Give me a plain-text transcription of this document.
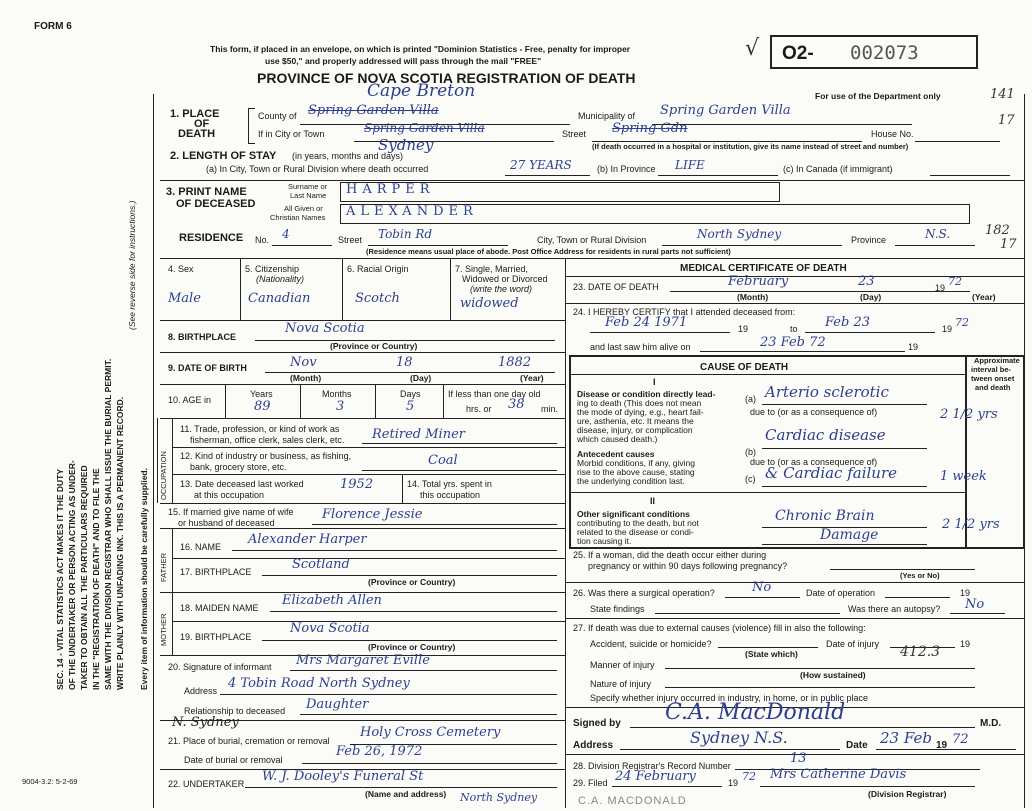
FORM 6
9004-3.2: 5-2-69
This form, if placed in an envelope, on which is printed "Dominion Statistics - Free, penalty for improper
use $50," and properly addressed will pass through the mail "FREE"
PROVINCE OF NOVA SCOTIA REGISTRATION OF DEATH
Cape Breton
√ O2- 002073
For use of the Department only
SEC. 14 - VITAL STATISTICS ACT MAKES IT THE DUTY OF THE UNDERTAKER OR PERSON ACTING AS UNDER- TAKER TO OBTAIN ALL THE PARTICULARS REQUIRED IN THE "REGISTRATION OF DEATH" AND TO FILE THE SAME WITH THE DIVISION REGISTRAR WHO SHALL ISSUE THE BURIAL PERMIT. WRITE PLAINLY WITH UNFADING INK. THIS IS A PERMANENT RECORD.
(See reverse side for instructions.)
Every item of information should be carefully supplied.
1. PLACE
OF
DEATH
County of Spring Garden Villa	Municipality of Spring Garden Villa
141
17
If in City or Town	Spring Garden Villa
Sydney
Street Spring Gdn	House No.
(If death occurred in a hospital or institution, give its name instead of street and number)
2. LENGTH OF STAY (in years, months and days)
(a) In City, Town or Rural Division where death occurred	27 YEARS	(b) In Province LIFE	(c) In Canada (if immigrant)
3. PRINT NAME
OF DECEASED
Surname or
Last Name HARPER
All Given or
Christian Names ALEXANDER
RESIDENCE No. 4	Street Tobin Rd	City, Town or Rural Division	North Sydney	Province	N.S.	182
17
(Residence means usual place of abode. Post Office Address for residents in rural parts not sufficient)
4. Sex
Male
5. Citizenship
(Nationality)
Canadian
6. Racial Origin
Scotch
7. Single, Married,
Widowed or Divorced
(write the word)
widowed
8. BIRTHPLACE
Nova Scotia
(Province or Country)
9. DATE OF BIRTH	Nov	18	1882
(Month)	(Day)	(Year)
10. AGE in
Years
89
Months
3
Days
5
If less than one day old
hrs. or 38 min.
OCCUPATION
11. Trade, profession, or kind of work as
fisherman, office clerk, sales clerk, etc. Retired Miner
12. Kind of industry or business, as fishing,
bank, grocery store, etc.	Coal
13. Date deceased last worked
at this occupation
1952	14. Total yrs. spent in
this occupation
15. If married give name of wife
or husband of deceased
Florence Jessie
FATHER
16. NAME Alexander Harper
17. BIRTHPLACE	Scotland
(Province or Country)
MOTHER
18. MAIDEN NAME Elizabeth Allen
19. BIRTHPLACE
Nova Scotia
(Province or Country)
20. Signature of informant Mrs Margaret Eville
Address 4 Tobin Road North Sydney
Relationship to deceased Daughter
N. Sydney
21. Place of burial, cremation or removal
Holy Cross Cemetery
Date of burial or removal
Feb 26, 1972
22. UNDERTAKER W. J. Dooley's Funeral St
(Name and address) North Sydney
MEDICAL CERTIFICATE OF DEATH
23. DATE OF DEATH	February	23	19 72
(Month)	(Day)	(Year)
24. I HEREBY CERTIFY that I attended deceased from:
Feb 24 1971	19	to Feb 23	19 72
and last saw him alive on	23 Feb 72	19
CAUSE OF DEATH
Approximate
interval be-
tween onset
and death
I
Disease or condition directly lead-
ing to death (This does not mean
the mode of dying, e.g., heart fail-
ure, asthenia, etc. It means the
disease, injury, or complication
which caused death.)
(a) Arterio sclerotic
2 1/2 yrs
due to (or as a consequence of)
(b)
Cardiac disease
Antecedent causes
Morbid conditions, if any, giving
rise to the above cause, stating
the underlying condition last.
due to (or as a consequence of)
(c) & Cardiac failure	1 week
II
Other significant conditions
contributing to the death, but not
related to the disease or condi-
tion causing it.
Chronic Brain
Damage
2 1/2 yrs
25. If a woman, did the death occur either during
pregnancy or within 90 days following pregnancy?
(Yes or No)
26. Was there a surgical operation?	No	Date of operation	19
State findings	Was there an autopsy? No
27. If death was due to external causes (violence) fill in also the following:
Accident, suicide or homicide?	Date of injury	19
(State which)	412.3
Manner of injury
(How sustained)
Nature of injury
Specify whether injury occurred in industry, in home, or in public place
Signed by C.A. MacDonald	M.D.
Address	Sydney N.S.	Date 23 Feb 19 72
28. Division Registrar's Record Number	13
29. Filed 24 February	19 72 Mrs Catherine Davis
(Division Registrar)
C.A. MACDONALD
